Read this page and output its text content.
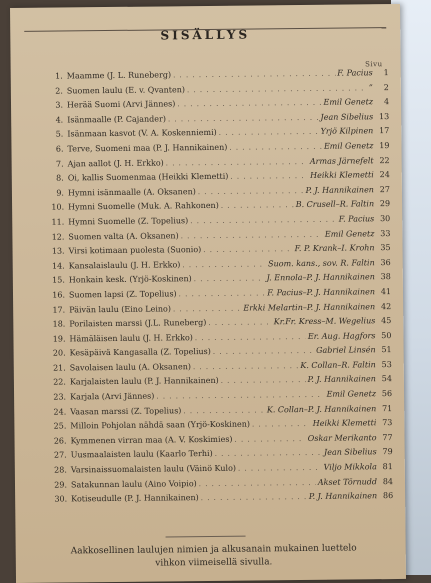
SISÄLLYS
Sivu
1. Maamme (J. L. Runeberg) . . .	F. Pacius	1
2. Suomen laulu (E. v. Qvanten) . . .	”	2
3. Herää Suomi (Arvi Jännes) . . .	Emil Genetz	4
4. Isänmaalle (P. Cajander) . . .	Jean Sibelius 13
5. Isänmaan kasvot (V. A. Koskenniemi) . . .	Yrjö Kilpinen 17
6. Terve, Suomeni maa (P. J. Hannikainen) . . .	Emil Genetz 19
7. Ajan aallot (J. H. Erkko) . . .	Armas Järnefelt 22
8. Oi, kallis Suomenmaa (Heikki Klemetti) . . .	Heikki Klemetti 24
9. Hymni isänmaalle (A. Oksanen) . . .	P. J. Hannikainen 27
10. Hymni Suomelle (Muk. A. Rahkonen) . . .	B. Crusell–R. Faltin 29
11. Hymni Suomelle (Z. Topelius) . . .	F. Pacius 30
12. Suomen valta (A. Oksanen) . . .	Emil Genetz 33
13. Virsi kotimaan puolesta (Suonio) . . .	F. P. Krank–I. Krohn 35
14. Kansalaislaulu (J. H. Erkko) . . .	Suom. kans., sov. R. Faltin 36
15. Honkain kesk. (Yrjö-Koskinen) . . .	J. Ennola–P. J. Hannikainen 38
16. Suomen lapsi (Z. Topelius) . . .	F. Pacius–P. J. Hannikainen 41
17. Päivän laulu (Eino Leino) . . .	Erkki Melartin–P. J. Hannikainen 42
18. Porilaisten marssi (J.L. Runeberg) . . .	Kr.Fr. Kress–M. Wegelius 45
19. Hämäläisen laulu (J. H. Erkko) . . .	Er. Aug. Hagfors 50
20. Kesäpäivä Kangasalla (Z. Topelius) . . .	Gabriel Linsén 51
21. Savolaisen laulu (A. Oksanen) . . .	K. Collan–R. Faltin 53
22. Karjalaisten laulu (P. J. Hannikainen) . . .	P. J. Hannikainen 54
23. Karjala (Arvi Jännes) . . .	Emil Genetz 56
24. Vaasan marssi (Z. Topelius) . . .	K. Collan–P. J. Hannikainen 71
25. Milloin Pohjolan nähdä saan (Yrjö-Koskinen) . . .	Heikki Klemetti 73
26. Kymmenen virran maa (A. V. Koskimies) . . .	Oskar Merikanto 77
27. Uusmaalaisten laulu (Kaarlo Terhi) . . .	Jean Sibelius 79
28. Varsinaissuomalaisten laulu (Väinö Kulo) . . .	Viljo Mikkola 81
29. Satakunnan laulu (Aino Voipio) . . .	Akset Törnudd 84
30. Kotiseudulle (P. J. Hannikainen) . . .	P. J. Hannikainen 86
Aakkosellinen laulujen nimien ja alkusanain mukainen luettelo
vihkon viimeisellä sivulla.
